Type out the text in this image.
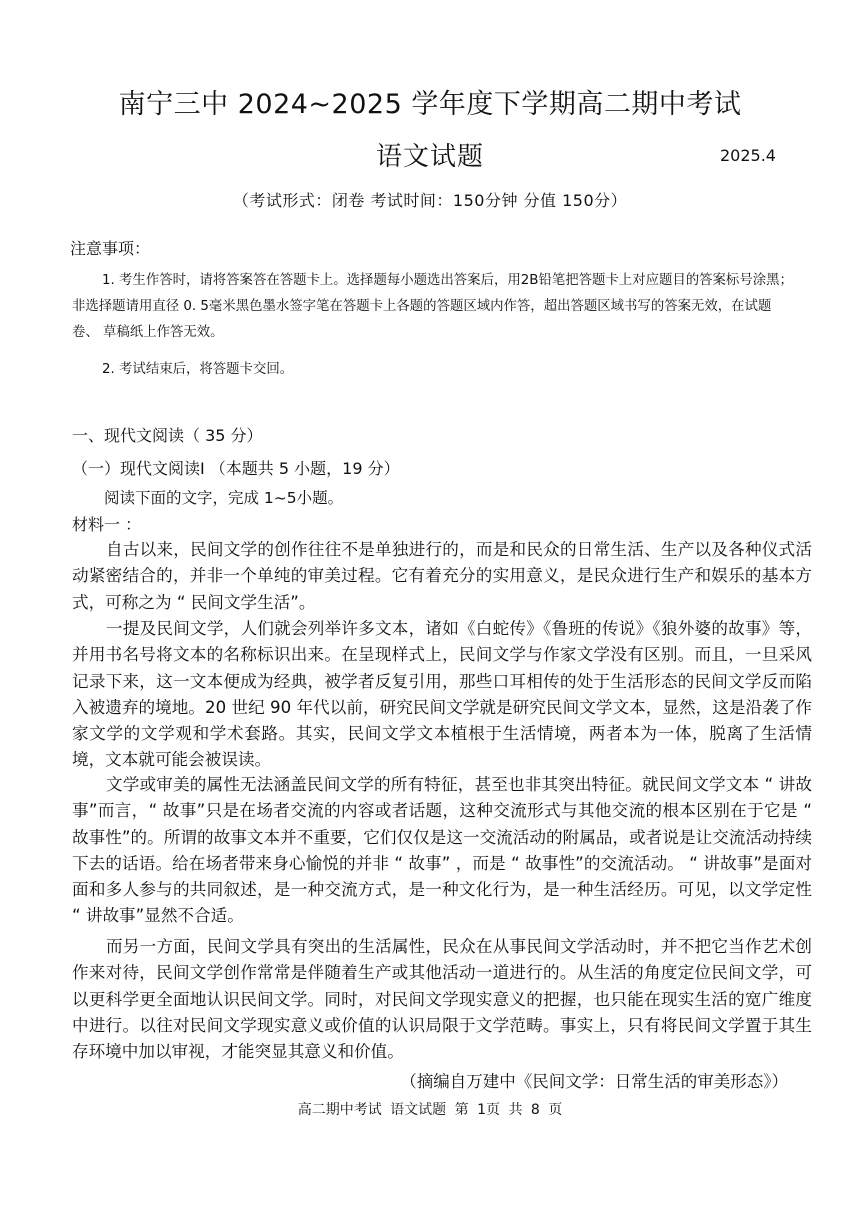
南宁三中 2024~2025 学年度下学期高二期中考试
语文试题	2025.4
（考试形式：闭卷 考试时间：150分钟 分值 150分）
注意事项：
1. 考生作答时，请将答案答在答题卡上。选择题每小题选出答案后，用2B铅笔把答题卡上对应题目的答案标号涂黑；非选择题请用直径 0. 5毫米黑色墨水签字笔在答题卡上各题的答题区域内作答，超出答题区域书写的答案无效，在试题卷、 草稿纸上作答无效。
2. 考试结束后，将答题卡交回。
一、现代文阅读（ 35 分）
（一）现代文阅读Ⅰ （本题共 5 小题，19 分）
阅读下面的文字，完成 1~5小题。
材料一 ：
自古以来，民间文学的创作往往不是单独进行的，而是和民众的日常生活、生产以及各种仪式活动紧密结合的，并非一个单纯的审美过程。它有着充分的实用意义，是民众进行生产和娱乐的基本方式，可称之为 “ 民间文学生活”。
一提及民间文学，人们就会列举许多文本，诸如《白蛇传》《鲁班的传说》《狼外婆的故事》等，并用书名号将文本的名称标识出来。在呈现样式上，民间文学与作家文学没有区别。而且，一旦采风记录下来，这一文本便成为经典，被学者反复引用，那些口耳相传的处于生活形态的民间文学反而陷入被遗弃的境地。20 世纪 90 年代以前，研究民间文学就是研究民间文学文本，显然，这是沿袭了作家文学的文学观和学术套路。其实，民间文学文本植根于生活情境，两者本为一体，脱离了生活情境，文本就可能会被误读。
文学或审美的属性无法涵盖民间文学的所有特征，甚至也非其突出特征。就民间文学文本 “ 讲故事”而言，“ 故事”只是在场者交流的内容或者话题，这种交流形式与其他交流的根本区别在于它是 “ 故事性”的。所谓的故事文本并不重要，它们仅仅是这一交流活动的附属品，或者说是让交流活动持续下去的话语。给在场者带来身心愉悦的并非 “ 故事” ，而是 “ 故事性”的交流活动。 “ 讲故事”是面对面和多人参与的共同叙述，是一种交流方式，是一种文化行为，是一种生活经历。可见，以文学定性 “ 讲故事”显然不合适。
而另一方面，民间文学具有突出的生活属性，民众在从事民间文学活动时，并不把它当作艺术创作来对待，民间文学创作常常是伴随着生产或其他活动一道进行的。从生活的角度定位民间文学，可以更科学更全面地认识民间文学。同时，对民间文学现实意义的把握，也只能在现实生活的宽广维度中进行。以往对民间文学现实意义或价值的认识局限于文学范畴。事实上，只有将民间文学置于其生存环境中加以审视，才能突显其意义和价值。
（摘编自万建中《民间文学：日常生活的审美形态》）
高二期中考试 语文试题 第 1页 共 8 页
